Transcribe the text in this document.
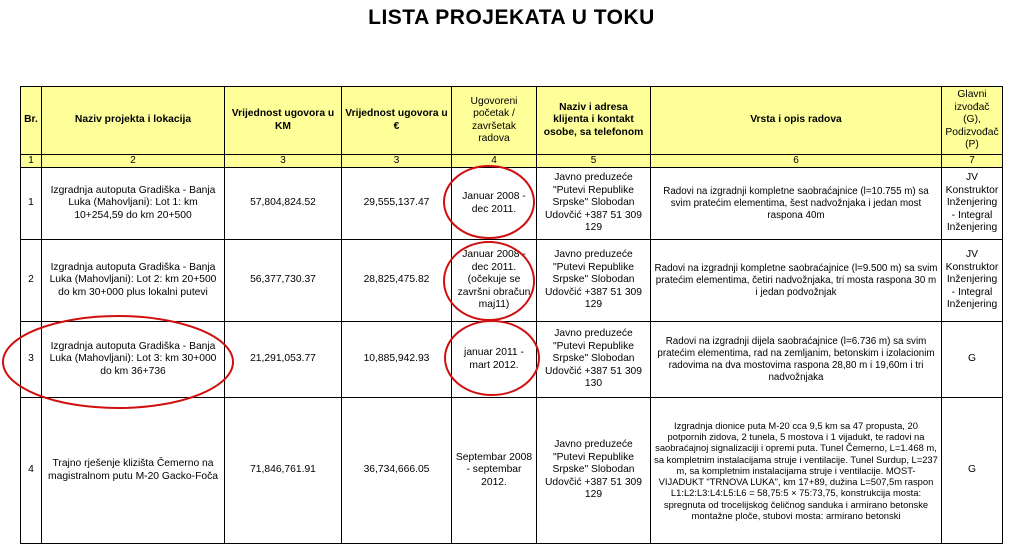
LISTA PROJEKATA U TOKU
Br.	Naziv projekta i lokacija	Vrijednost ugovora u KM	Vrijednost ugovora u €	Ugovoreni početak / završetak radova	Naziv i adresa klijenta i kontakt osobe, sa telefonom	Vrsta i opis radova	Glavni izvođač (G), Podizvođač (P)
1	2	3	3	4	5	6	7
1	Izgradnja autoputa Gradiška - Banja Luka (Mahovljani): Lot 1: km 10+254,59 do km 20+500	57,804,824.52	29,555,137.47	Januar 2008 - dec 2011.	Javno preduzeće "Putevi Republike Srpske" Slobodan Udovčić +387 51 309 129	Radovi na izgradnji kompletne saobraćajnice (l=10.755 m) sa svim pratećim elementima, šest nadvožnjaka i jedan most raspona 40m	JV Konstruktor Inženjering - Integral Inženjering
2	Izgradnja autoputa Gradiška - Banja Luka (Mahovljani): Lot 2: km 20+500 do km 30+000 plus lokalni putevi	56,377,730.37	28,825,475.82	Januar 2008 - dec 2011. (očekuje se završni obračun maj11)	Javno preduzeće "Putevi Republike Srpske" Slobodan Udovčić +387 51 309 129	Radovi na izgradnji kompletne saobraćajnice (l=9.500 m) sa svim pratećim elementima, četiri nadvožnjaka, tri mosta raspona 30 m i jedan podvožnjak	JV Konstruktor Inženjering - Integral Inženjering
3	Izgradnja autoputa Gradiška - Banja Luka (Mahovljani): Lot 3: km 30+000 do km 36+736	21,291,053.77	10,885,942.93	januar 2011 - mart 2012.	Javno preduzeće "Putevi Republike Srpske" Slobodan Udovčić +387 51 309 130	Radovi na izgradnji dijela saobraćajnice (l=6.736 m) sa svim pratećim elementima, rad na zemljanim, betonskim i izolacionim radovima na dva mostovima raspona 28,80 m i 19,60m i tri nadvožnjaka	G
4	Trajno rješenje klizišta Čemerno na magistralnom putu M-20 Gacko-Foča	71,846,761.91	36,734,666.05	Septembar 2008 - septembar 2012.	Javno preduzeće "Putevi Republike Srpske" Slobodan Udovčić +387 51 309 129	Izgradnja dionice puta M-20 cca 9,5 km sa 47 propusta, 20 potpornih zidova, 2 tunela, 5 mostova i 1 vijadukt, te radovi na saobraćajnoj signalizaciji i opremi puta. Tunel Čemerno, L=1.468 m, sa kompletnim instalacijama struje i ventilacije. Tunel Surdup, L=237 m, sa kompletnim instalacijama struje i ventilacije. MOST-VIJADUKT "TRNOVA LUKA", km 17+89, dužina L=507,5m raspon L1:L2:L3:L4:L5:L6 = 58,75:5 × 75:73,75, konstrukcija mosta: spregnuta od trocelijskog čeličnog sanduka i armirano betonske montažne ploče, stubovi mosta: armirano betonski	G
